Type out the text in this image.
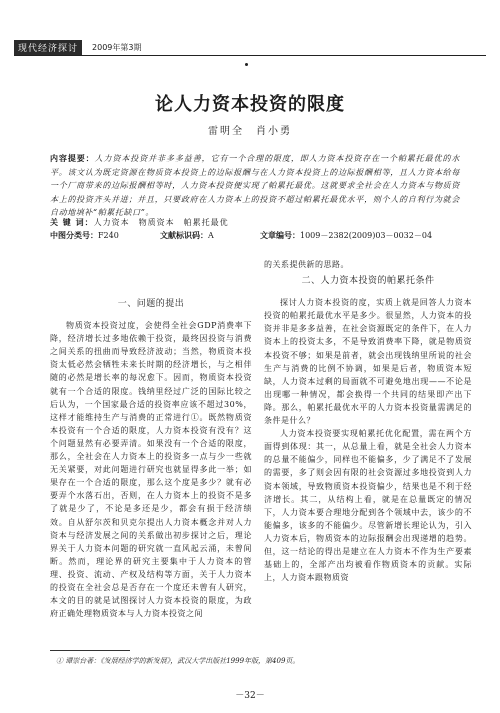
现代经济探讨	2009年第3期
论人力资本投资的限度
雷明全　肖小勇
内容提要：人力资本投资并非多多益善，它有一个合理的限度，即人力资本投资存在一个帕累托最优的水平。该文认为既定资源在物质资本投资上的边际报酬与在人力资本投资上的边际报酬相等，且人力资本给每一个厂商带来的边际报酬相等时，人力资本投资便实现了帕累托最优。这就要求全社会在人力资本与物质资本上的投资齐头并进；并且，只要政府在人力资本上的投资不超过帕累托最优水平，则个人的自利行为就会自动地填补“帕累托缺口”。
关 键 词：人力资本　物质资本　帕累托最优
中图分类号：F240	文献标识码：A	文章编号：1009－2382(2009)03－0032－04
一、问题的提出

物质资本投资过度，会使得全社会GDP消费率下降，经济增长过多地依赖于投资，最终因投资与消费之间关系的扭曲而导致经济波动；当然，物质资本投资太低必然会牺牲未来长时期的经济增长，与之相伴随的必然是增长率的每况愈下。因而，物质资本投资就有一个合适的限度。钱纳里经过广泛的国际比较之后认为，一个国家最合适的投资率应该不超过30%，这样才能维持生产与消费的正常进行①。既然物质资本投资有一个合适的限度，人力资本投资有没有？这个问题显然有必要弄清。如果没有一个合适的限度，那么，全社会在人力资本上的投资多一点与少一些就无关紧要，对此问题进行研究也就显得多此一举；如果存在一个合适的限度，那么这个度是多少？就有必要弄个水落石出，否则，在人力资本上的投资不是多了就是少了，不论是多还是少，都会有损于经济绩效。自从舒尔茨和贝克尔提出人力资本概念并对人力资本与经济发展之间的关系做出初步探讨之后，理论界关于人力资本问题的研究就一直风起云涌，未曾间断。然而，理论界的研究主要集中于人力资本的管理、投资、流动、产权及结构等方面，关于人力资本的投资在全社会总是否存在一个度还未曾有人研究，本文的目的就是试图探讨人力资本投资的限度，为政府正确处理物质资本与人力资本投资之间

的关系提供新的思路。

二、人力资本投资的帕累托条件

探讨人力资本投资的度，实质上就是回答人力资本投资的帕累托最优水平是多少。很显然，人力资本的投资并非是多多益善，在社会资源既定的条件下，在人力资本上的投资太多，不是导致消费率下降，就是物质资本投资不够；如果是前者，就会出现钱纳里所说的社会生产与消费的比例不协调，如果是后者，物质资本短缺，人力资本过剩的局面就不可避免地出现——不论是出现哪一种情况，都会换得一个共同的结果即产出下降。那么，帕累托最优水平的人力资本投资量需满足的条件是什么？

人力资本投资要实现帕累托优化配置，需在两个方面得到体现：其一，从总量上看，就是全社会人力资本的总量不能偏少，同样也不能偏多，少了满足不了发展的需要，多了则会因有限的社会资源过多地投资到人力资本领域，导致物质资本投资偏少，结果也是不利于经济增长。其二，从结构上看，就是在总量既定的情况下，人力资本要合理地分配到各个领域中去，该少的不能偏多，该多的不能偏少。尽管新增长理论认为，引入人力资本后，物质资本的边际报酬会出现递增的趋势。但，这一结论的得出是建立在人力资本不作为生产要素基础上的，全部产出均被看作物质资本的贡献。实际上，人力资本跟物质资

① 谭崇台著：《发展经济学的新发展》，武汉大学出版社1999年版，第409页。
－32－
